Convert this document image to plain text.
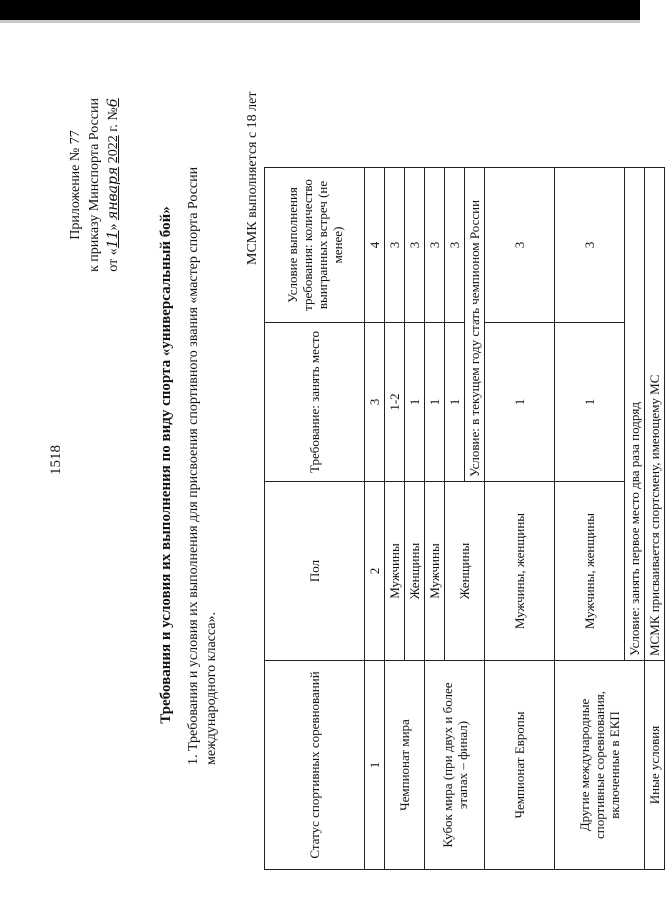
1518
Приложение № 77 к приказу Минспорта России от «11» января 2022 г. №6
Требования и условия их выполнения по виду спорта «универсальный бой» 1. Требования и условия их выполнения для присвоения спортивного звания «мастер спорта России международного класса».
МСМК выполняется с 18 лет
Статус спортивных соревнований	Пол	Требование: занять место	Условие выполнения требования: количество выигранных встреч (не менее)
1	2	3	4
Чемпионат мира	Мужчины	1-2	3
	Женщины	1	3
Кубок мира (при двух и более этапах – финал)	Мужчины	1	3
	Женщины	1	3
		Условие: в текущем году стать чемпионом России	
Чемпионат Европы	Мужчины, женщины	1	3
Другие международные спортивные соревнования, включенные в ЕКП	Мужчины, женщины	1	3
	Условие: занять первое место два раза подряд		
Иные условия	МСМК присваивается спортсмену, имеющему МС		
